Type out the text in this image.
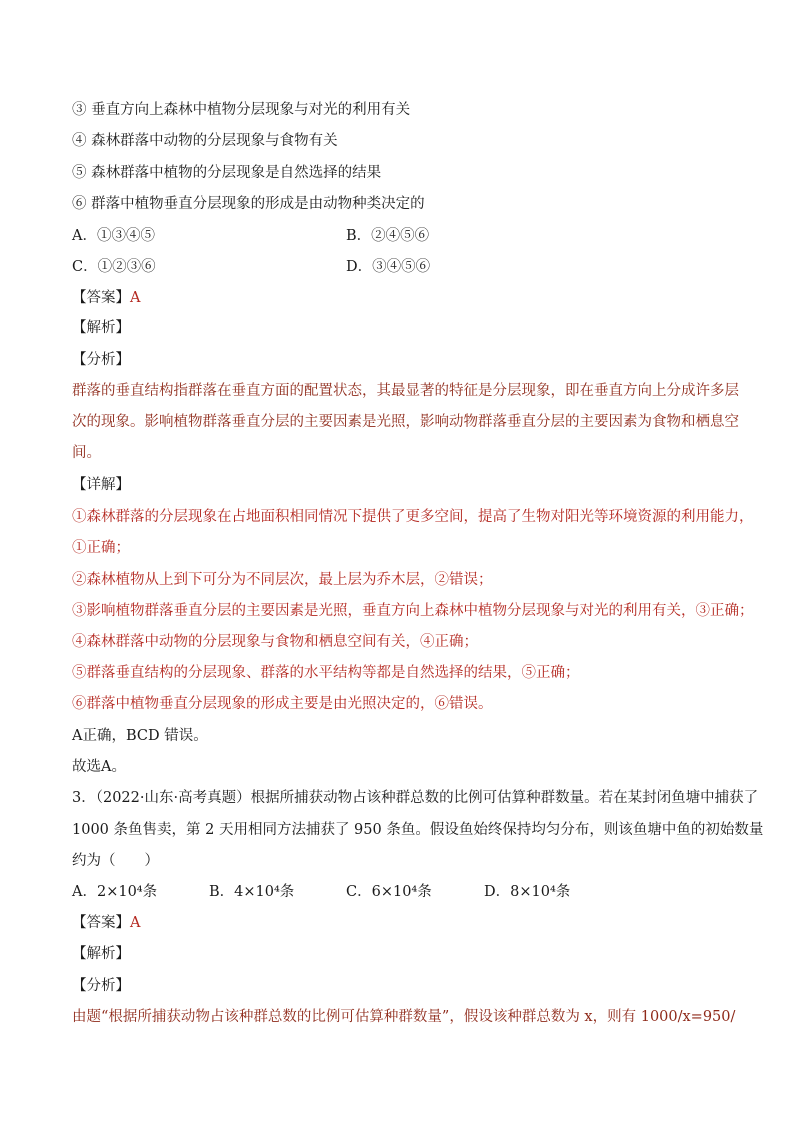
③ 垂直方向上森林中植物分层现象与对光的利用有关
④ 森林群落中动物的分层现象与食物有关
⑤ 森林群落中植物的分层现象是自然选择的结果
⑥ 群落中植物垂直分层现象的形成是由动物种类决定的
A．①③④⑤	B．②④⑤⑥
C．①②③⑥	D．③④⑤⑥
【答案】A
【解析】
【分析】
群落的垂直结构指群落在垂直方面的配置状态，其最显著的特征是分层现象，即在垂直方向上分成许多层
次的现象。影响植物群落垂直分层的主要因素是光照，影响动物群落垂直分层的主要因素为食物和栖息空
间。
【详解】
①森林群落的分层现象在占地面积相同情况下提供了更多空间，提高了生物对阳光等环境资源的利用能力，
①正确；
②森林植物从上到下可分为不同层次，最上层为乔木层，②错误；
③影响植物群落垂直分层的主要因素是光照，垂直方向上森林中植物分层现象与对光的利用有关，③正确；
④森林群落中动物的分层现象与食物和栖息空间有关，④正确；
⑤群落垂直结构的分层现象、群落的水平结构等都是自然选择的结果，⑤正确；
⑥群落中植物垂直分层现象的形成主要是由光照决定的，⑥错误。
A正确，BCD 错误。
故选A。
3．（2022·山东·高考真题）根据所捕获动物占该种群总数的比例可估算种群数量。若在某封闭鱼塘中捕获了
1000 条鱼售卖，第 2 天用相同方法捕获了 950 条鱼。假设鱼始终保持均匀分布，则该鱼塘中鱼的初始数量
约为（　　）
A．2×10⁴条	B．4×10⁴条	C．6×10⁴条	D．8×10⁴条
【答案】A
【解析】
【分析】
由题“根据所捕获动物占该种群总数的比例可估算种群数量”，假设该种群总数为 x，则有 1000/x=950/
